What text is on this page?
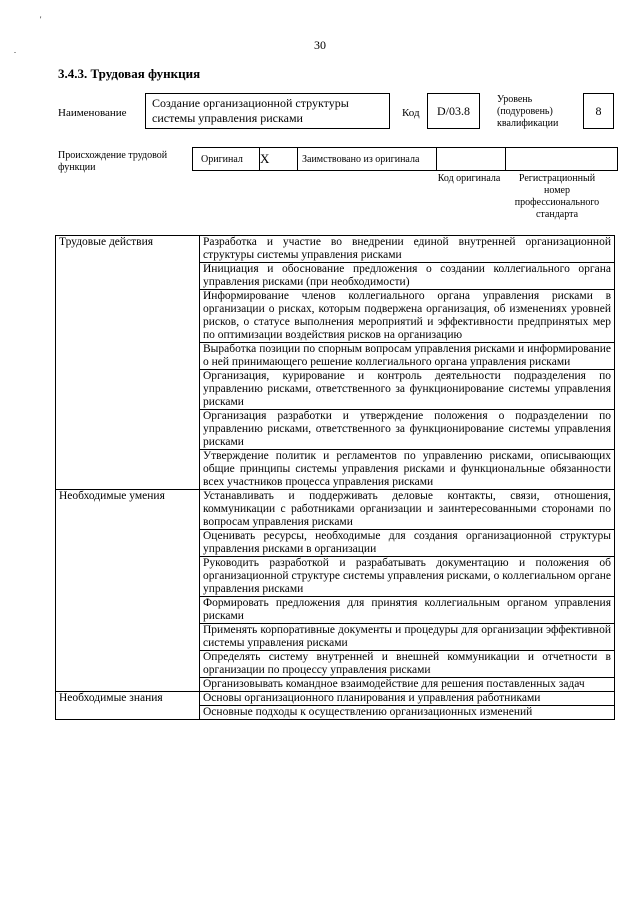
'
.	30
3.4.3. Трудовая функция
Наименование
Создание организационной структуры системы управления рисками	Код	D/03.8
Уровень (подуровень) квалификации
8
Происхождение трудовой функции
Оригинал	X	Заимствовано из оригинала		
Код оригинала	Регистрационный номер профессионального стандарта
Трудовые действия	Разработка и участие во внедрении единой внутренней организационной структуры системы управления рисками
	Инициация и обоснование предложения о создании коллегиального органа управления рисками (при необходимости)
	Информирование членов коллегиального органа управления рисками в организации о рисках, которым подвержена организация, об изменениях уровней рисков, о статусе выполнения мероприятий и эффективности предпринятых мер по оптимизации воздействия рисков на организацию
	Выработка позиции по спорным вопросам управления рисками и информирование о ней принимающего решение коллегиального органа управления рисками
	Организация, курирование и контроль деятельности подразделения по управлению рисками, ответственного за функционирование системы управления рисками
	Организация разработки и утверждение положения о подразделении по управлению рисками, ответственного за функционирование системы управления рисками
	Утверждение политик и регламентов по управлению рисками, описывающих общие принципы системы управления рисками и функциональные обязанности всех участников процесса управления рисками
Необходимые умения	Устанавливать и поддерживать деловые контакты, связи, отношения, коммуникации с работниками организации и заинтересованными сторонами по вопросам управления рисками
	Оценивать ресурсы, необходимые для создания организационной структуры управления рисками в организации
	Руководить разработкой и разрабатывать документацию и положения об организационной структуре системы управления рисками, о коллегиальном органе управления рисками
	Формировать предложения для принятия коллегиальным органом управления рисками
	Применять корпоративные документы и процедуры для организации эффективной системы управления рисками
	Определять систему внутренней и внешней коммуникации и отчетности в организации по процессу управления рисками
	Организовывать командное взаимодействие для решения поставленных задач
Необходимые знания	Основы организационного планирования и управления работниками
	Основные подходы к осуществлению организационных изменений
